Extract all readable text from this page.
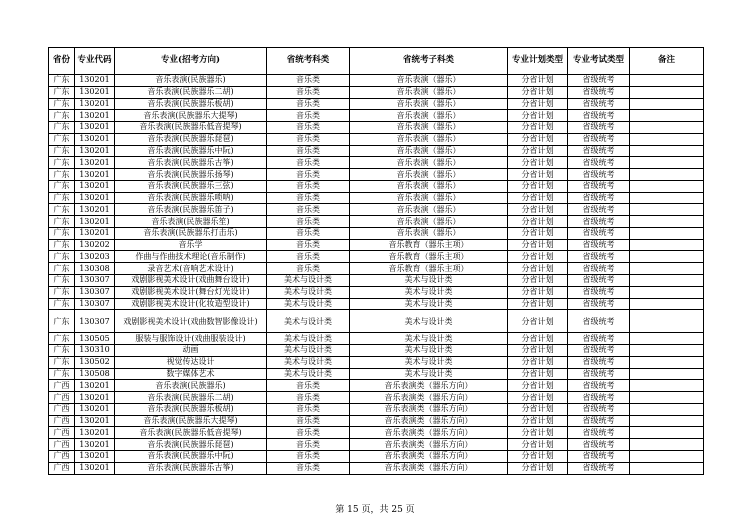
省份	专业代码	专业(招考方向)	省统考科类	省统考子科类	专业计划类型	专业考试类型	备注
广东	130201	音乐表演(民族器乐)	音乐类	音乐表演（器乐）	分省计划	省级统考	
广东	130201	音乐表演(民族器乐二胡)	音乐类	音乐表演（器乐）	分省计划	省级统考	
广东	130201	音乐表演(民族器乐板胡)	音乐类	音乐表演（器乐）	分省计划	省级统考	
广东	130201	音乐表演(民族器乐大提琴)	音乐类	音乐表演（器乐）	分省计划	省级统考	
广东	130201	音乐表演(民族器乐低音提琴)	音乐类	音乐表演（器乐）	分省计划	省级统考	
广东	130201	音乐表演(民族器乐琵琶)	音乐类	音乐表演（器乐）	分省计划	省级统考	
广东	130201	音乐表演(民族器乐中阮)	音乐类	音乐表演（器乐）	分省计划	省级统考	
广东	130201	音乐表演(民族器乐古筝)	音乐类	音乐表演（器乐）	分省计划	省级统考	
广东	130201	音乐表演(民族器乐扬琴)	音乐类	音乐表演（器乐）	分省计划	省级统考	
广东	130201	音乐表演(民族器乐三弦)	音乐类	音乐表演（器乐）	分省计划	省级统考	
广东	130201	音乐表演(民族器乐唢呐)	音乐类	音乐表演（器乐）	分省计划	省级统考	
广东	130201	音乐表演(民族器乐笛子)	音乐类	音乐表演（器乐）	分省计划	省级统考	
广东	130201	音乐表演(民族器乐笙)	音乐类	音乐表演（器乐）	分省计划	省级统考	
广东	130201	音乐表演(民族器乐打击乐)	音乐类	音乐表演（器乐）	分省计划	省级统考	
广东	130202	音乐学	音乐类	音乐教育（器乐主项）	分省计划	省级统考	
广东	130203	作曲与作曲技术理论(音乐制作)	音乐类	音乐教育（器乐主项）	分省计划	省级统考	
广东	130308	录音艺术(音响艺术设计)	音乐类	音乐教育（器乐主项）	分省计划	省级统考	
广东	130307	戏剧影视美术设计(戏曲舞台设计)	美术与设计类	美术与设计类	分省计划	省级统考	
广东	130307	戏剧影视美术设计(舞台灯光设计)	美术与设计类	美术与设计类	分省计划	省级统考	
广东	130307	戏剧影视美术设计(化妆造型设计)	美术与设计类	美术与设计类	分省计划	省级统考	
广东	130307	戏剧影视美术设计(戏曲数智影像设计)	美术与设计类	美术与设计类	分省计划	省级统考	
广东	130505	服装与服饰设计(戏曲服装设计)	美术与设计类	美术与设计类	分省计划	省级统考	
广东	130310	动画	美术与设计类	美术与设计类	分省计划	省级统考	
广东	130502	视觉传达设计	美术与设计类	美术与设计类	分省计划	省级统考	
广东	130508	数字媒体艺术	美术与设计类	美术与设计类	分省计划	省级统考	
广西	130201	音乐表演(民族器乐)	音乐类	音乐表演类（器乐方向）	分省计划	省级统考	
广西	130201	音乐表演(民族器乐二胡)	音乐类	音乐表演类（器乐方向）	分省计划	省级统考	
广西	130201	音乐表演(民族器乐板胡)	音乐类	音乐表演类（器乐方向）	分省计划	省级统考	
广西	130201	音乐表演(民族器乐大提琴)	音乐类	音乐表演类（器乐方向）	分省计划	省级统考	
广西	130201	音乐表演(民族器乐低音提琴)	音乐类	音乐表演类（器乐方向）	分省计划	省级统考	
广西	130201	音乐表演(民族器乐琵琶)	音乐类	音乐表演类（器乐方向）	分省计划	省级统考	
广西	130201	音乐表演(民族器乐中阮)	音乐类	音乐表演类（器乐方向）	分省计划	省级统考	
广西	130201	音乐表演(民族器乐古筝)	音乐类	音乐表演类（器乐方向）	分省计划	省级统考	
第 15 页，共 25 页
